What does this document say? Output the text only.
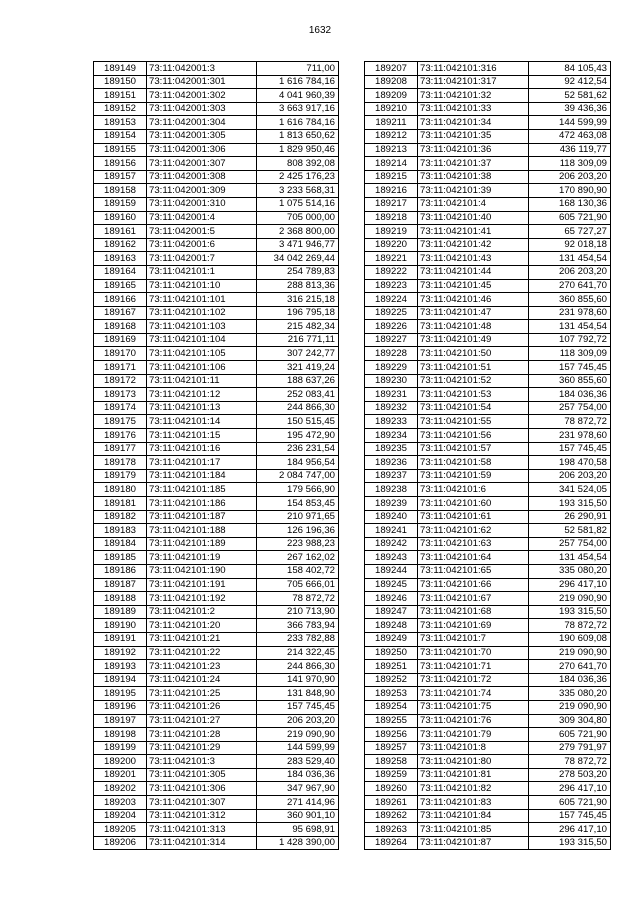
1632
189149	73:11:042001:3	711,00
189150	73:11:042001:301	1 616 784,16
189151	73:11:042001:302	4 041 960,39
189152	73:11:042001:303	3 663 917,16
189153	73:11:042001:304	1 616 784,16
189154	73:11:042001:305	1 813 650,62
189155	73:11:042001:306	1 829 950,46
189156	73:11:042001:307	808 392,08
189157	73:11:042001:308	2 425 176,23
189158	73:11:042001:309	3 233 568,31
189159	73:11:042001:310	1 075 514,16
189160	73:11:042001:4	705 000,00
189161	73:11:042001:5	2 368 800,00
189162	73:11:042001:6	3 471 946,77
189163	73:11:042001:7	34 042 269,44
189164	73:11:042101:1	254 789,83
189165	73:11:042101:10	288 813,36
189166	73:11:042101:101	316 215,18
189167	73:11:042101:102	196 795,18
189168	73:11:042101:103	215 482,34
189169	73:11:042101:104	216 771,11
189170	73:11:042101:105	307 242,77
189171	73:11:042101:106	321 419,24
189172	73:11:042101:11	188 637,26
189173	73:11:042101:12	252 083,41
189174	73:11:042101:13	244 866,30
189175	73:11:042101:14	150 515,45
189176	73:11:042101:15	195 472,90
189177	73:11:042101:16	236 231,54
189178	73:11:042101:17	184 956,54
189179	73:11:042101:184	2 084 747,00
189180	73:11:042101:185	179 566,90
189181	73:11:042101:186	154 853,45
189182	73:11:042101:187	210 971,65
189183	73:11:042101:188	126 196,36
189184	73:11:042101:189	223 988,23
189185	73:11:042101:19	267 162,02
189186	73:11:042101:190	158 402,72
189187	73:11:042101:191	705 666,01
189188	73:11:042101:192	78 872,72
189189	73:11:042101:2	210 713,90
189190	73:11:042101:20	366 783,94
189191	73:11:042101:21	233 782,88
189192	73:11:042101:22	214 322,45
189193	73:11:042101:23	244 866,30
189194	73:11:042101:24	141 970,90
189195	73:11:042101:25	131 848,90
189196	73:11:042101:26	157 745,45
189197	73:11:042101:27	206 203,20
189198	73:11:042101:28	219 090,90
189199	73:11:042101:29	144 599,99
189200	73:11:042101:3	283 529,40
189201	73:11:042101:305	184 036,36
189202	73:11:042101:306	347 967,90
189203	73:11:042101:307	271 414,96
189204	73:11:042101:312	360 901,10
189205	73:11:042101:313	95 698,91
189206	73:11:042101:314	1 428 390,00
189207	73:11:042101:316	84 105,43
189208	73:11:042101:317	92 412,54
189209	73:11:042101:32	52 581,62
189210	73:11:042101:33	39 436,36
189211	73:11:042101:34	144 599,99
189212	73:11:042101:35	472 463,08
189213	73:11:042101:36	436 119,77
189214	73:11:042101:37	118 309,09
189215	73:11:042101:38	206 203,20
189216	73:11:042101:39	170 890,90
189217	73:11:042101:4	168 130,36
189218	73:11:042101:40	605 721,90
189219	73:11:042101:41	65 727,27
189220	73:11:042101:42	92 018,18
189221	73:11:042101:43	131 454,54
189222	73:11:042101:44	206 203,20
189223	73:11:042101:45	270 641,70
189224	73:11:042101:46	360 855,60
189225	73:11:042101:47	231 978,60
189226	73:11:042101:48	131 454,54
189227	73:11:042101:49	107 792,72
189228	73:11:042101:50	118 309,09
189229	73:11:042101:51	157 745,45
189230	73:11:042101:52	360 855,60
189231	73:11:042101:53	184 036,36
189232	73:11:042101:54	257 754,00
189233	73:11:042101:55	78 872,72
189234	73:11:042101:56	231 978,60
189235	73:11:042101:57	157 745,45
189236	73:11:042101:58	198 470,58
189237	73:11:042101:59	206 203,20
189238	73:11:042101:6	341 524,05
189239	73:11:042101:60	193 315,50
189240	73:11:042101:61	26 290,91
189241	73:11:042101:62	52 581,82
189242	73:11:042101:63	257 754,00
189243	73:11:042101:64	131 454,54
189244	73:11:042101:65	335 080,20
189245	73:11:042101:66	296 417,10
189246	73:11:042101:67	219 090,90
189247	73:11:042101:68	193 315,50
189248	73:11:042101:69	78 872,72
189249	73:11:042101:7	190 609,08
189250	73:11:042101:70	219 090,90
189251	73:11:042101:71	270 641,70
189252	73:11:042101:72	184 036,36
189253	73:11:042101:74	335 080,20
189254	73:11:042101:75	219 090,90
189255	73:11:042101:76	309 304,80
189256	73:11:042101:79	605 721,90
189257	73:11:042101:8	279 791,97
189258	73:11:042101:80	78 872,72
189259	73:11:042101:81	278 503,20
189260	73:11:042101:82	296 417,10
189261	73:11:042101:83	605 721,90
189262	73:11:042101:84	157 745,45
189263	73:11:042101:85	296 417,10
189264	73:11:042101:87	193 315,50
